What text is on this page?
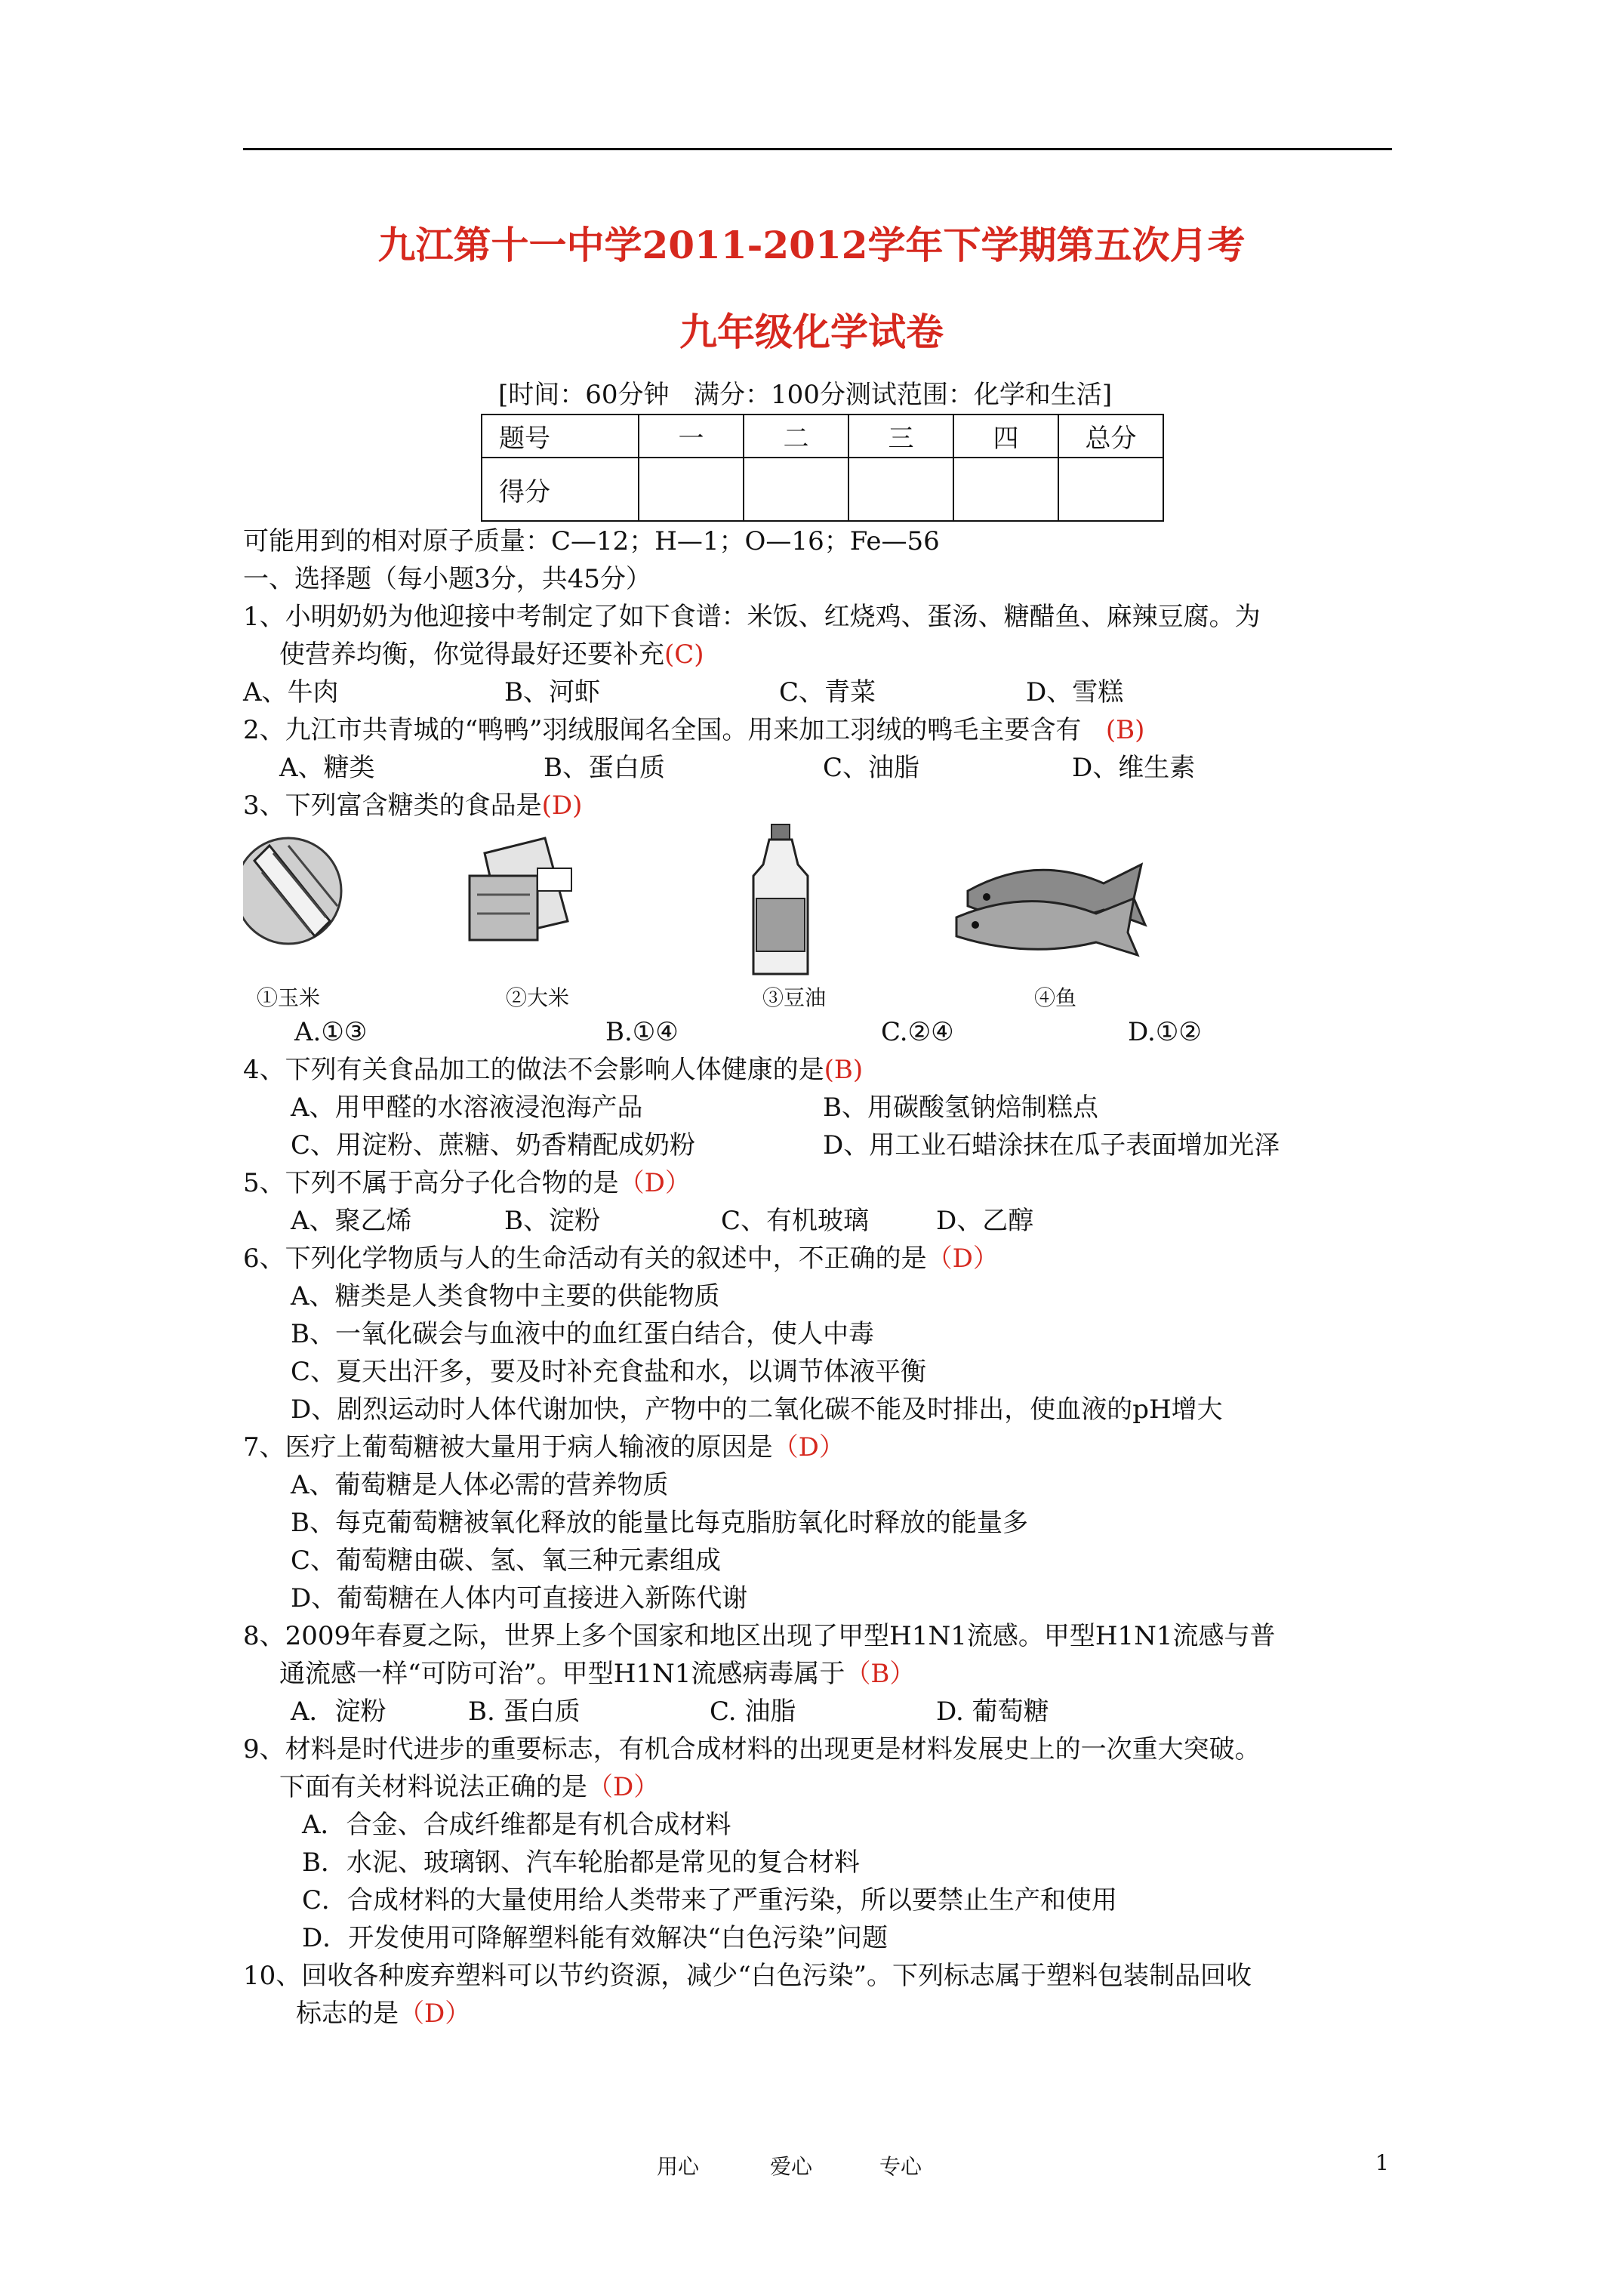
九江第十一中学2011-2012学年下学期第五次月考
九年级化学试卷
[时间：60分钟   满分：100分测试范围：化学和生活]
题号	一	二	三	四	总分
得分					
可能用到的相对原子质量：C—12；H—1；O—16；Fe—56
一、选择题（每小题3分，共45分）
1、小明奶奶为他迎接中考制定了如下食谱：米饭、红烧鸡、蛋汤、糖醋鱼、麻辣豆腐。为
使营养均衡，你觉得最好还要补充(C)
A、牛肉	B、河虾	C、青菜	D、雪糕
2、九江市共青城的“鸭鸭”羽绒服闻名全国。用来加工羽绒的鸭毛主要含有   (B)
A、糖类	B、蛋白质	C、油脂	D、维生素
3、下列富含糖类的食品是(D)
①玉米	②大米	③豆油	④鱼
A.①③	B.①④	C.②④	D.①②
4、下列有关食品加工的做法不会影响人体健康的是(B)
A、用甲醛的水溶液浸泡海产品	B、用碳酸氢钠焙制糕点
C、用淀粉、蔗糖、奶香精配成奶粉	D、用工业石蜡涂抹在瓜子表面增加光泽
5、下列不属于高分子化合物的是（D）
A、聚乙烯	B、淀粉	C、有机玻璃	D、乙醇
6、下列化学物质与人的生命活动有关的叙述中，不正确的是（D）
A、糖类是人类食物中主要的供能物质
B、一氧化碳会与血液中的血红蛋白结合，使人中毒
C、夏天出汗多，要及时补充食盐和水，以调节体液平衡
D、剧烈运动时人体代谢加快，产物中的二氧化碳不能及时排出，使血液的pH增大
7、医疗上葡萄糖被大量用于病人输液的原因是（D）
A、葡萄糖是人体必需的营养物质
B、每克葡萄糖被氧化释放的能量比每克脂肪氧化时释放的能量多
C、葡萄糖由碳、氢、氧三种元素组成
D、葡萄糖在人体内可直接进入新陈代谢
8、2009年春夏之际，世界上多个国家和地区出现了甲型H1N1流感。甲型H1N1流感与普
通流感一样“可防可治”。甲型H1N1流感病毒属于（B）
A．淀粉	B. 蛋白质	C. 油脂	D. 葡萄糖
9、材料是时代进步的重要标志，有机合成材料的出现更是材料发展史上的一次重大突破。
下面有关材料说法正确的是（D）
A．合金、合成纤维都是有机合成材料
B．水泥、玻璃钢、汽车轮胎都是常见的复合材料
C．合成材料的大量使用给人类带来了严重污染，所以要禁止生产和使用
D．开发使用可降解塑料能有效解决“白色污染”问题
10、回收各种废弃塑料可以节约资源，减少“白色污染”。下列标志属于塑料包装制品回收
标志的是（D）
用心	爱心	专心	1
